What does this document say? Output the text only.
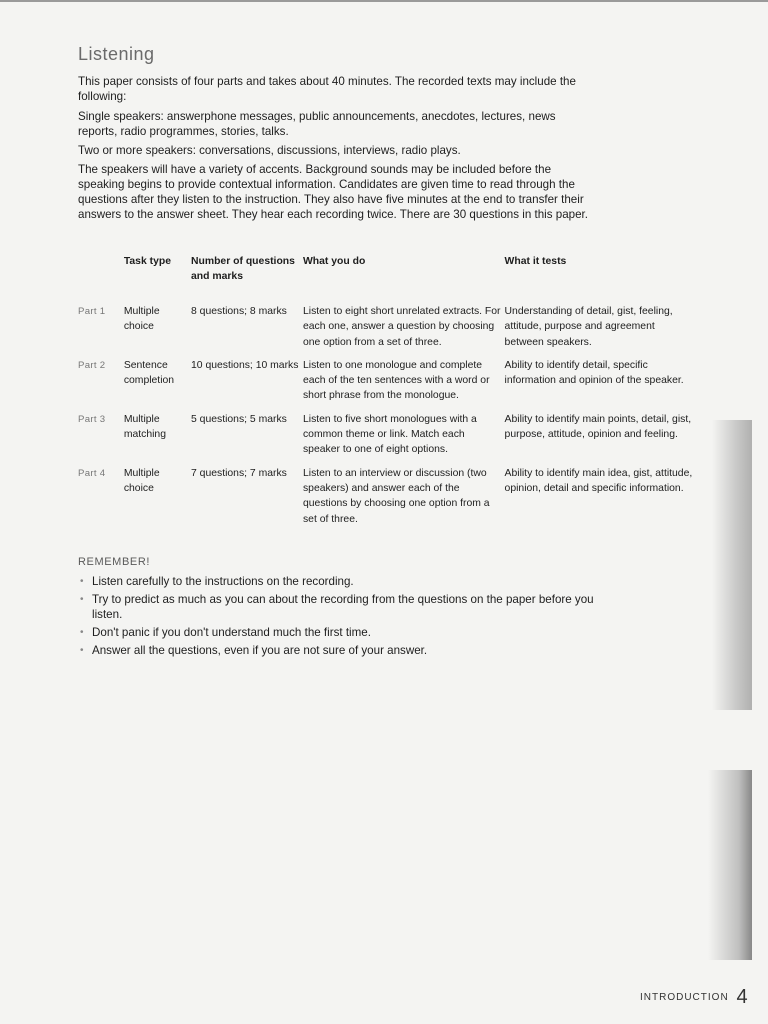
Listening

This paper consists of four parts and takes about 40 minutes. The recorded texts may include the following:

Single speakers: answerphone messages, public announcements, anecdotes, lectures, news reports, radio programmes, stories, talks.

Two or more speakers: conversations, discussions, interviews, radio plays.

The speakers will have a variety of accents. Background sounds may be included before the speaking begins to provide contextual information. Candidates are given time to read through the questions after they listen to the instruction. They also have five minutes at the end to transfer their answers to the answer sheet. They hear each recording twice. There are 30 questions in this paper.

	Task type	Number of questions and marks	What you do	What it tests
Part 1	Multiple choice	8 questions; 8 marks	Listen to eight short unrelated extracts. For each one, answer a question by choosing one option from a set of three.	Understanding of detail, gist, feeling, attitude, purpose and agreement between speakers.
Part 2	Sentence completion	10 questions; 10 marks	Listen to one monologue and complete each of the ten sentences with a word or short phrase from the monologue.	Ability to identify detail, specific information and opinion of the speaker.
Part 3	Multiple matching	5 questions; 5 marks	Listen to five short monologues with a common theme or link. Match each speaker to one of eight options.	Ability to identify main points, detail, gist, purpose, attitude, opinion and feeling.
Part 4	Multiple choice	7 questions; 7 marks	Listen to an interview or discussion (two speakers) and answer each of the questions by choosing one option from a set of three.	Ability to identify main idea, gist, attitude, opinion, detail and specific information.
REMEMBER!
• Listen carefully to the instructions on the recording.
• Try to predict as much as you can about the recording from the questions on the paper before you listen.
• Don't panic if you don't understand much the first time.
• Answer all the questions, even if you are not sure of your answer.
INTRODUCTION 4
